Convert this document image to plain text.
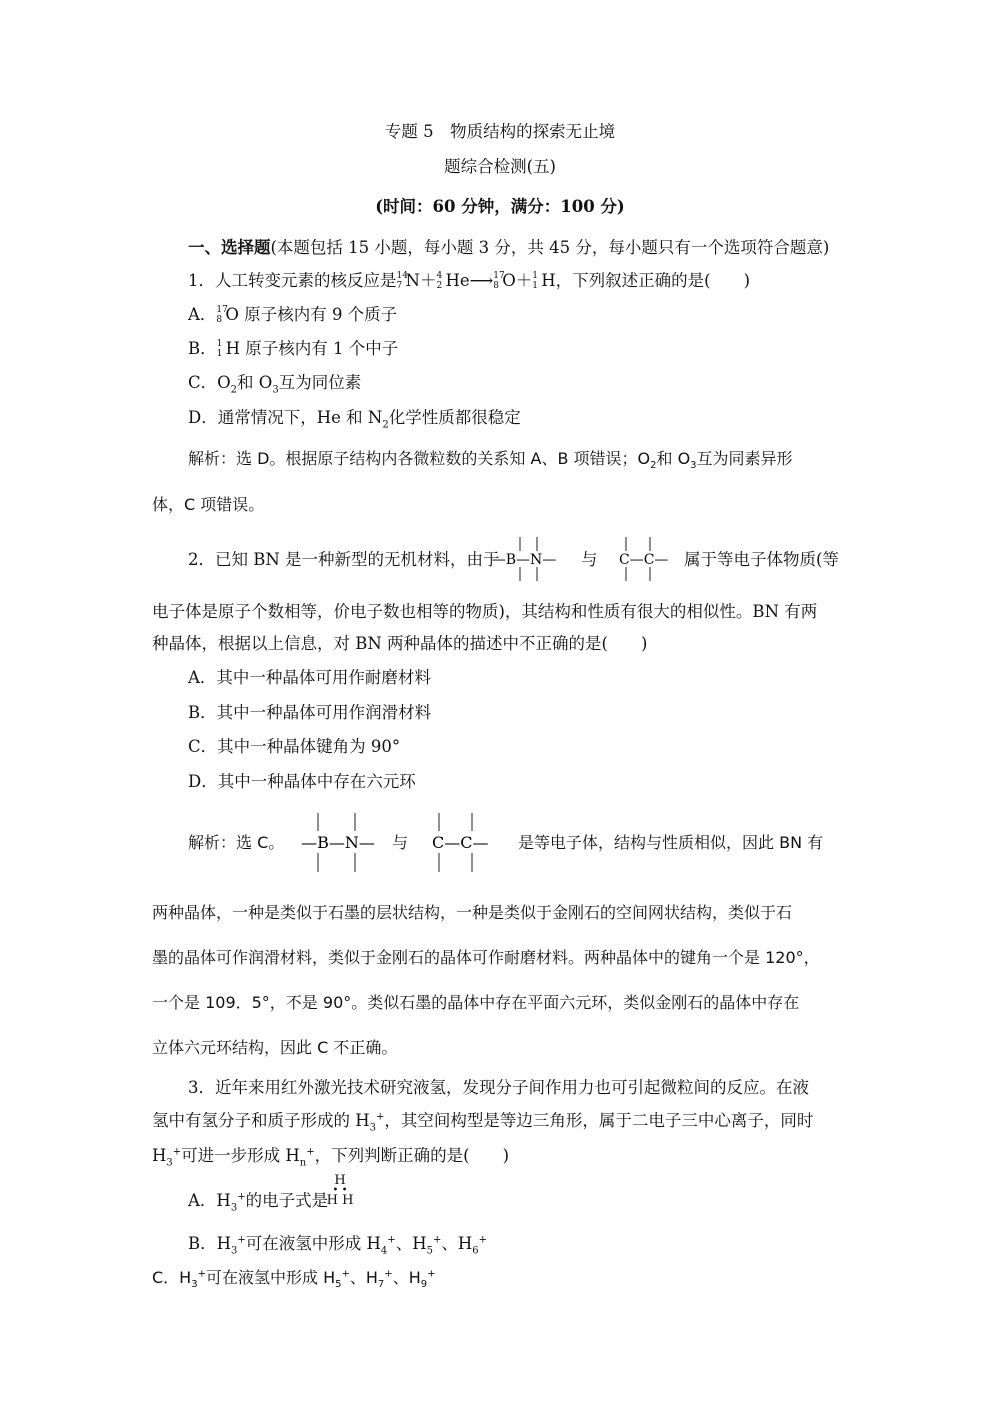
专题 5　物质结构的探索无止境
题综合检测(五)
(时间：60 分钟，满分：100 分)
一、选择题(本题包括 15 小题，每小题 3 分，共 45 分，每小题只有一个选项符合题意)
1．人工转变元素的核反应是 14
7 N＋ 4
2 He⟶ 17
8 O＋ 1
1 H，下列叙述正确的是(　　)
A． 17
8 O 原子核内有 9 个质子
B． 1
1 H 原子核内有 1 个中子
C．$O_2$和 $O_3$互为同位素
D．通常情况下，He 和 $N_2$化学性质都很稳定
解析：选 D。根据原子结构内各微粒数的关系知 A、B 项错误；$O_2$和 $O_3$互为同素异形
体，C 项错误。
2．已知 BN 是一种新型的无机材料，由于
—B—N— 与 C—C— 属于等电子体物质(等
电子体是原子个数相等，价电子数也相等的物质)，其结构和性质有很大的相似性。BN 有两
种晶体，根据以上信息，对 BN 两种晶体的描述中不正确的是(　　)
A．其中一种晶体可用作耐磨材料
B．其中一种晶体可用作润滑材料
C．其中一种晶体键角为 90°
D．其中一种晶体中存在六元环
解析：选 C。 —B—N— 与 C—C— 是等电子体，结构与性质相似，因此 BN 有
两种晶体，一种是类似于石墨的层状结构，一种是类似于金刚石的空间网状结构，类似于石
墨的晶体可作润滑材料，类似于金刚石的晶体可作耐磨材料。两种晶体中的键角一个是 120°，
一个是 109．5°，不是 90°。类似石墨的晶体中存在平面六元环，类似金刚石的晶体中存在
立体六元环结构，因此 C 不正确。
3．近年来用红外激光技术研究液氢，发现分子间作用力也可引起微粒间的反应。在液
氢中有氢分子和质子形成的 $H_3^+$，其空间构型是等边三角形，属于二电子三中心离子，同时
$H_3^+$可进一步形成 $H_n^+$，下列判断正确的是(　　)
A．$H_3^+$的电子式是
H
• •
H H
B．$H_3^+$可在液氢中形成 $H_4^+$、$H_5^+$、$H_6^+$
C．$H_3^+$可在液氢中形成 $H_5^+$、$H_7^+$、$H_9^+$
